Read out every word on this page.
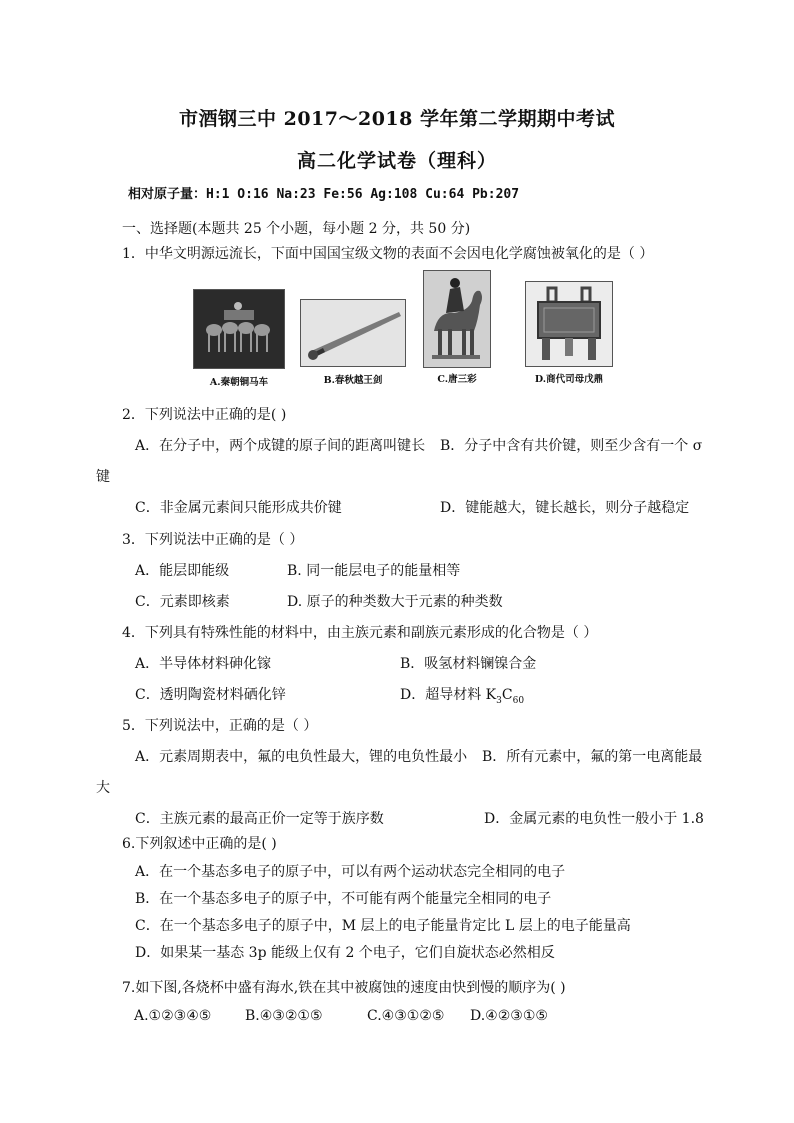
市酒钢三中 2017～2018 学年第二学期期中考试
高二化学试卷（理科）
相对原子量：H:1 O:16 Na:23 Fe:56 Ag:108 Cu:64 Pb:207
一、选择题(本题共 25 个小题，每小题 2 分，共 50 分)
1．中华文明源远流长，下面中国国宝级文物的表面不会因电化学腐蚀被氧化的是（ ）
A.秦朝铜马车	B.春秋越王剑	C.唐三彩	D.商代司母戊鼎
2．下列说法中正确的是( )
A．在分子中，两个成键的原子间的距离叫键长 B．分子中含有共价键，则至少含有一个 σ
键
C．非金属元素间只能形成共价键	D．键能越大，键长越长，则分子越稳定
3．下列说法中正确的是（ ）
A．能层即能级	B. 同一能层电子的能量相等
C．元素即核素	D. 原子的种类数大于元素的种类数
4．下列具有特殊性能的材料中，由主族元素和副族元素形成的化合物是（ ）
A．半导体材料砷化镓	B．吸氢材料镧镍合金
C．透明陶瓷材料硒化锌	D．超导材料 $K_3C_{60}$
5．下列说法中，正确的是（ ）
A．元素周期表中，氟的电负性最大，锂的电负性最小 B．所有元素中，氟的第一电离能最
大
C．主族元素的最高正价一定等于族序数	D．金属元素的电负性一般小于 1.8
6.下列叙述中正确的是( )
A．在一个基态多电子的原子中，可以有两个运动状态完全相同的电子
B．在一个基态多电子的原子中，不可能有两个能量完全相同的电子
C．在一个基态多电子的原子中，M 层上的电子能量肯定比 L 层上的电子能量高
D．如果某一基态 3p 能级上仅有 2 个电子，它们自旋状态必然相反
7.如下图,各烧杯中盛有海水,铁在其中被腐蚀的速度由快到慢的顺序为( )
A.①②③④⑤ B.④③②①⑤	C.④③①②⑤ D.④②③①⑤
